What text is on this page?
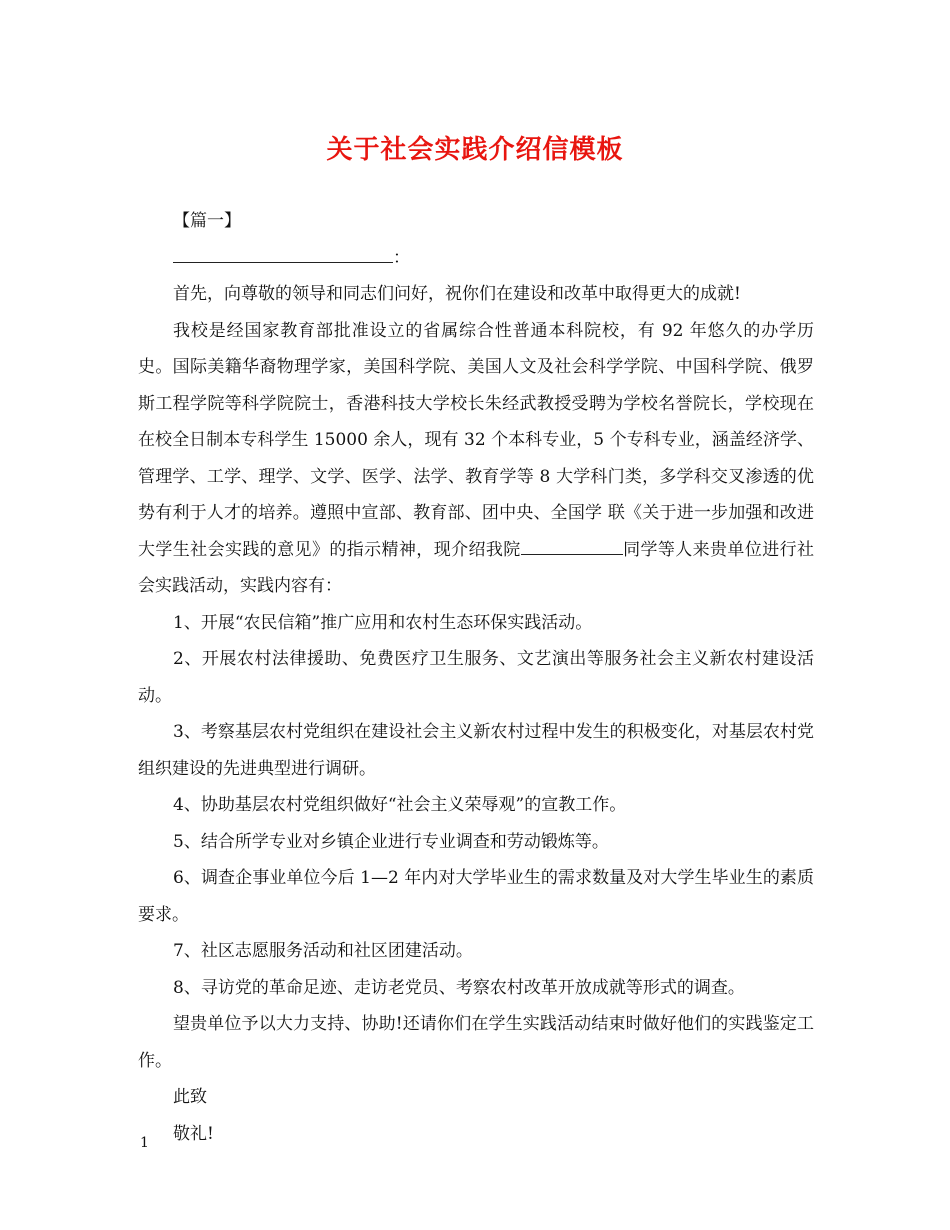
关于社会实践介绍信模板

【篇一】

：

首先，向尊敬的领导和同志们问好，祝你们在建设和改革中取得更大的成就!

我校是经国家教育部批准设立的省属综合性普通本科院校，有 92 年悠久的办学历史。国际美籍华裔物理学家，美国科学院、美国人文及社会科学学院、中国科学院、俄罗斯工程学院等科学院院士，香港科技大学校长朱经武教授受聘为学校名誉院长，学校现在在校全日制本专科学生 15000 余人，现有 32 个本科专业，5 个专科专业，涵盖经济学、管理学、工学、理学、文学、医学、法学、教育学等 8 大学科门类，多学科交叉渗透的优势有利于人才的培养。遵照中宣部、教育部、团中央、全国学 联《关于进一步加强和改进大学生社会实践的意见》的指示精神，现介绍我院	同学等人来贵单位进行社会实践活动，实践内容有：

1、开展“农民信箱”推广应用和农村生态环保实践活动。

2、开展农村法律援助、免费医疗卫生服务、文艺演出等服务社会主义新农村建设活动。

3、考察基层农村党组织在建设社会主义新农村过程中发生的积极变化，对基层农村党组织建设的先进典型进行调研。

4、协助基层农村党组织做好“社会主义荣辱观”的宣教工作。

5、结合所学专业对乡镇企业进行专业调查和劳动锻炼等。

6、调查企事业单位今后 1—2 年内对大学毕业生的需求数量及对大学生毕业生的素质要求。

7、社区志愿服务活动和社区团建活动。

8、寻访党的革命足迹、走访老党员、考察农村改革开放成就等形式的调查。

望贵单位予以大力支持、协助!还请你们在学生实践活动结束时做好他们的实践鉴定工作。

此致

敬礼!

1
